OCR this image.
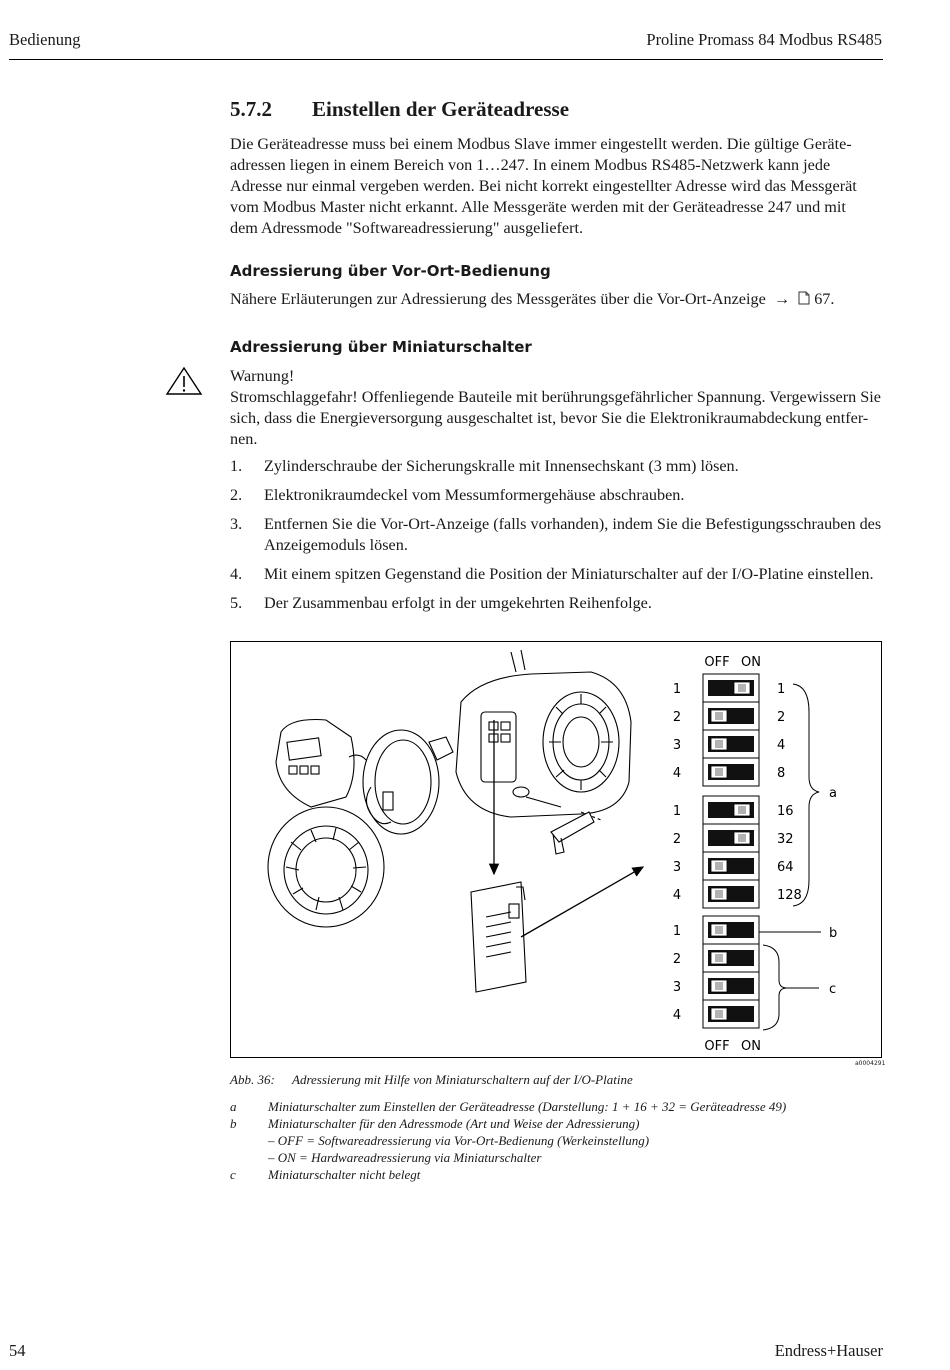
Bedienung	Proline Promass 84 Modbus RS485
5.7.2 Einstellen der Geräteadresse
Die Geräteadresse muss bei einem Modbus Slave immer eingestellt werden. Die gültige Geräte-
adressen liegen in einem Bereich von 1…247. In einem Modbus RS485-Netzwerk kann jede
Adresse nur einmal vergeben werden. Bei nicht korrekt eingestellter Adresse wird das Messgerät
vom Modbus Master nicht erkannt. Alle Messgeräte werden mit der Geräteadresse 247 und mit
dem Adressmode "Softwareadressierung" ausgeliefert.
Adressierung über Vor-Ort-Bedienung
Nähere Erläuterungen zur Adressierung des Messgerätes über die Vor-Ort-Anzeige  →   67.
Adressierung über Miniaturschalter
Warnung!
Stromschlaggefahr! Offenliegende Bauteile mit berührungsgefährlicher Spannung. Vergewissern Sie
sich, dass die Energieversorgung ausgeschaltet ist, bevor Sie die Elektronikraumabdeckung entfer-
nen.
1. Zylinderschraube der Sicherungskralle mit Innensechskant (3 mm) lösen.
2. Elektronikraumdeckel vom Messumformergehäuse abschrauben.
3. Entfernen Sie die Vor-Ort-Anzeige (falls vorhanden), indem Sie die Befestigungsschrauben des
Anzeigemoduls lösen.
4. Mit einem spitzen Gegenstand die Position der Miniaturschalter auf der I/O-Platine einstellen.
5. Der Zusammenbau erfolgt in der umgekehrten Reihenfolge.
OFF ON
OFF ON
1	1
2	2
3	4
4	8
1	16
2	32
3	64
4	128
1
2
3
4
a
b
c
a0004291
Abb. 36: Adressierung mit Hilfe von Miniaturschaltern auf der I/O-Platine
a Miniaturschalter zum Einstellen der Geräteadresse (Darstellung: 1 + 16 + 32 = Geräteadresse 49)
b Miniaturschalter für den Adressmode (Art und Weise der Adressierung)
– OFF = Softwareadressierung via Vor-Ort-Bedienung (Werkeinstellung)
– ON = Hardwareadressierung via Miniaturschalter
c Miniaturschalter nicht belegt
54	Endress+Hauser
